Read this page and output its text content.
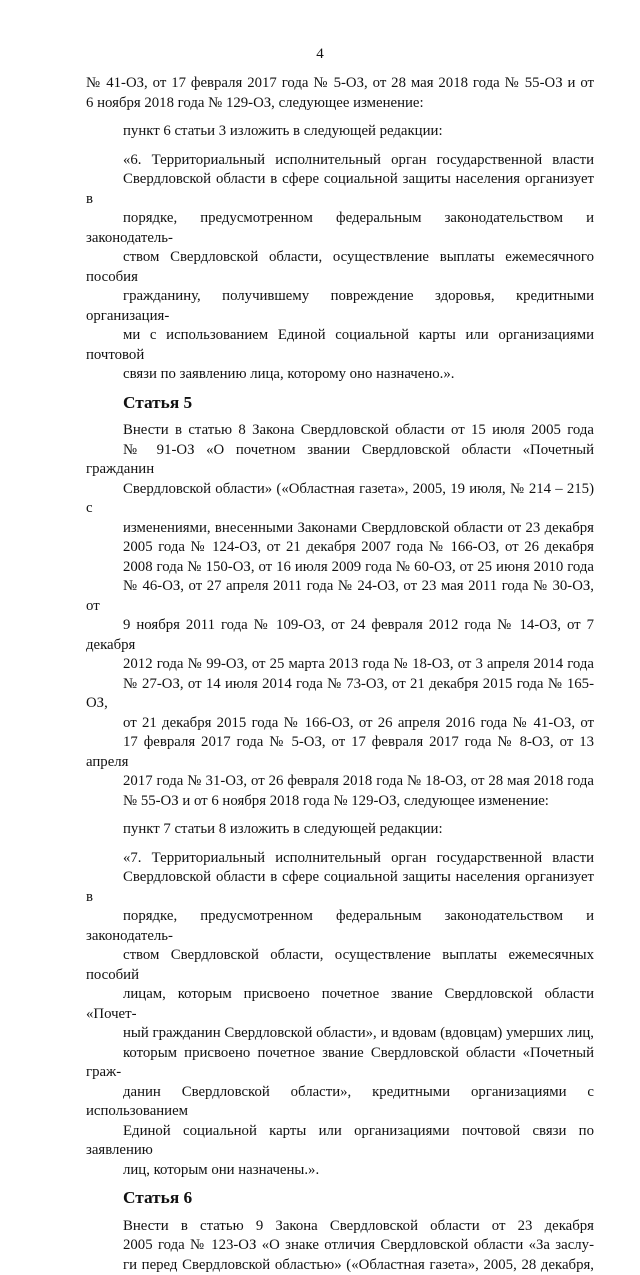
4

№ 41-ОЗ, от 17 февраля 2017 года № 5-ОЗ, от 28 мая 2018 года № 55-ОЗ и от
6 ноября 2018 года № 129-ОЗ, следующее изменение:

пункт 6 статьи 3 изложить в следующей редакции:

«6. Территориальный исполнительный орган государственной власти
Свердловской области в сфере социальной защиты населения организует в
порядке, предусмотренном федеральным законодательством и законодатель-
ством Свердловской области, осуществление выплаты ежемесячного пособия
гражданину, получившему повреждение здоровья, кредитными организация-
ми с использованием Единой социальной карты или организациями почтовой
связи по заявлению лица, которому оно назначено.».

Статья 5

Внести в статью 8 Закона Свердловской области от 15 июля 2005 года
№ 91-ОЗ «О почетном звании Свердловской области «Почетный гражданин
Свердловской области» («Областная газета», 2005, 19 июля, № 214 – 215) с
изменениями, внесенными Законами Свердловской области от 23 декабря
2005 года № 124-ОЗ, от 21 декабря 2007 года № 166-ОЗ, от 26 декабря
2008 года № 150-ОЗ, от 16 июля 2009 года № 60-ОЗ, от 25 июня 2010 года
№ 46-ОЗ, от 27 апреля 2011 года № 24-ОЗ, от 23 мая 2011 года № 30-ОЗ, от
9 ноября 2011 года № 109-ОЗ, от 24 февраля 2012 года № 14-ОЗ, от 7 декабря
2012 года № 99-ОЗ, от 25 марта 2013 года № 18-ОЗ, от 3 апреля 2014 года
№ 27-ОЗ, от 14 июля 2014 года № 73-ОЗ, от 21 декабря 2015 года № 165-ОЗ,
от 21 декабря 2015 года № 166-ОЗ, от 26 апреля 2016 года № 41-ОЗ, от
17 февраля 2017 года № 5-ОЗ, от 17 февраля 2017 года № 8-ОЗ, от 13 апреля
2017 года № 31-ОЗ, от 26 февраля 2018 года № 18-ОЗ, от 28 мая 2018 года
№ 55-ОЗ и от 6 ноября 2018 года № 129-ОЗ, следующее изменение:

пункт 7 статьи 8 изложить в следующей редакции:

«7. Территориальный исполнительный орган государственной власти
Свердловской области в сфере социальной защиты населения организует в
порядке, предусмотренном федеральным законодательством и законодатель-
ством Свердловской области, осуществление выплаты ежемесячных пособий
лицам, которым присвоено почетное звание Свердловской области «Почет-
ный гражданин Свердловской области», и вдовам (вдовцам) умерших лиц,
которым присвоено почетное звание Свердловской области «Почетный граж-
данин Свердловской области», кредитными организациями с использованием
Единой социальной карты или организациями почтовой связи по заявлению
лиц, которым они назначены.».

Статья 6

Внести в статью 9 Закона Свердловской области от 23 декабря
2005 года № 123-ОЗ «О знаке отличия Свердловской области «За заслу-
ги перед Свердловской областью» («Областная газета», 2005, 28 декабря,
